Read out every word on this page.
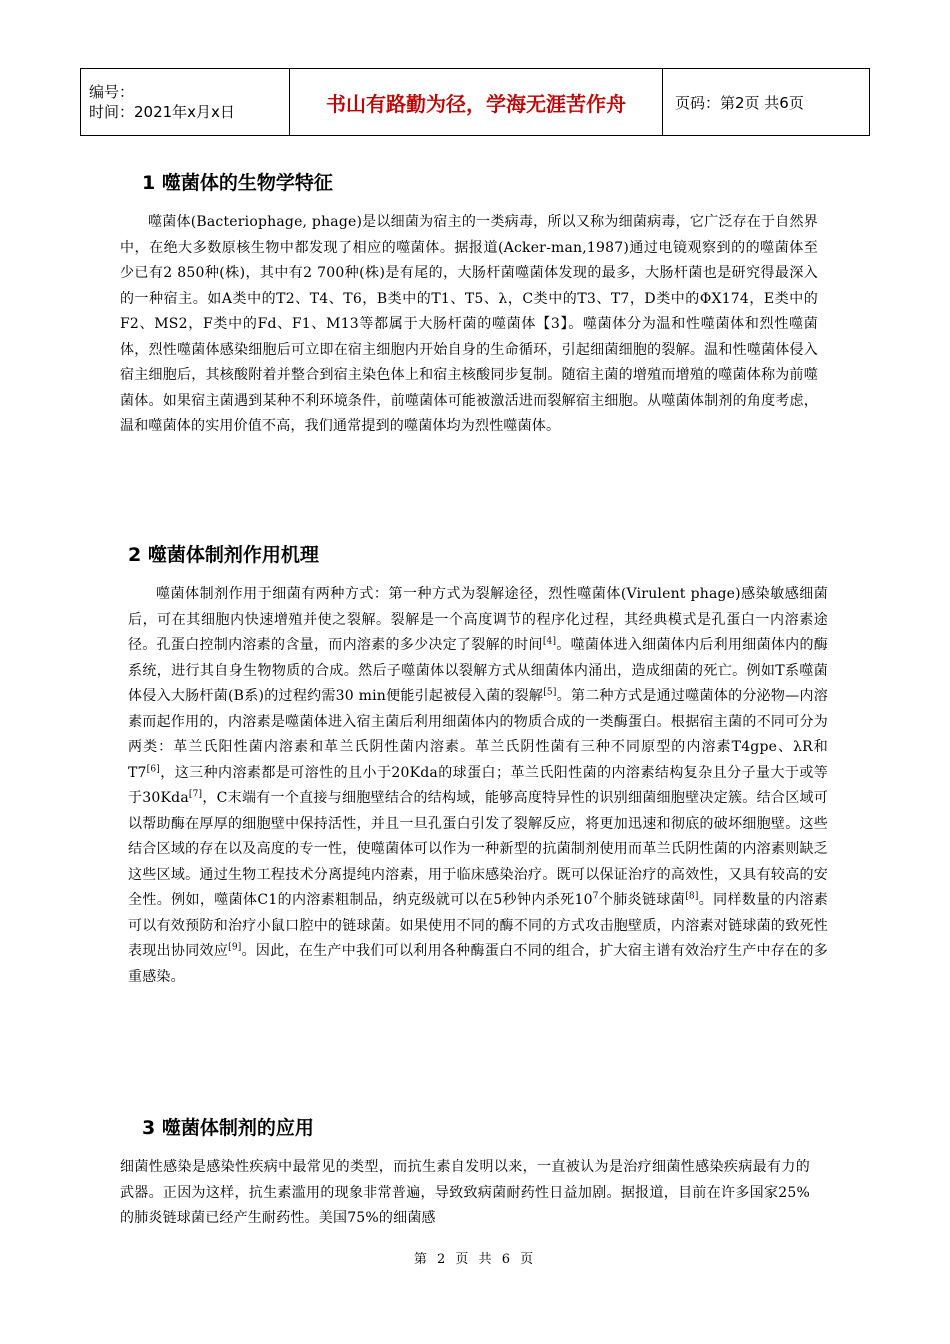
编号：
时间：2021年x月x日	书山有路勤为径，学海无涯苦作舟	页码：第2页 共6页
1 噬菌体的生物学特征

噬菌体(Bacteriophage, phage)是以细菌为宿主的一类病毒，所以又称为细菌病毒，它广泛存在于自然界中，在绝大多数原核生物中都发现了相应的噬菌体。据报道(Acker-man,1987)通过电镜观察到的的噬菌体至少已有2 850种(株)，其中有2 700种(株)是有尾的，大肠杆菌噬菌体发现的最多，大肠杆菌也是研究得最深入的一种宿主。如A类中的T2、T4、T6，B类中的T1、T5、λ，C类中的T3、T7，D类中的ΦX174，E类中的F2、MS2，F类中的Fd、F1、M13等都属于大肠杆菌的噬菌体【3】。噬菌体分为温和性噬菌体和烈性噬菌体，烈性噬菌体感染细胞后可立即在宿主细胞内开始自身的生命循环，引起细菌细胞的裂解。温和性噬菌体侵入宿主细胞后，其核酸附着并整合到宿主染色体上和宿主核酸同步复制。随宿主菌的增殖而增殖的噬菌体称为前噬菌体。如果宿主菌遇到某种不利环境条件，前噬菌体可能被激活进而裂解宿主细胞。从噬菌体制剂的角度考虑，温和噬菌体的实用价值不高，我们通常提到的噬菌体均为烈性噬菌体。

2 噬菌体制剂作用机理

噬菌体制剂作用于细菌有两种方式：第一种方式为裂解途径，烈性噬菌体(Virulent phage)感染敏感细菌后，可在其细胞内快速增殖并使之裂解。裂解是一个高度调节的程序化过程，其经典模式是孔蛋白一内溶素途径。孔蛋白控制内溶素的含量，而内溶素的多少决定了裂解的时间[4]。噬菌体进入细菌体内后利用细菌体内的酶系统，进行其自身生物物质的合成。然后子噬菌体以裂解方式从细菌体内涌出，造成细菌的死亡。例如T系噬菌体侵入大肠杆菌(B系)的过程约需30 min便能引起被侵入菌的裂解[5]。第二种方式是通过噬菌体的分泌物—内溶素而起作用的，内溶素是噬菌体进入宿主菌后利用细菌体内的物质合成的一类酶蛋白。根据宿主菌的不同可分为两类：革兰氏阳性菌内溶素和革兰氏阴性菌内溶素。革兰氏阴性菌有三种不同原型的内溶素T4gpe、λR和T7[6]，这三种内溶素都是可溶性的且小于20Kda的球蛋白；革兰氏阳性菌的内溶素结构复杂且分子量大于或等于30Kda[7]，C末端有一个直接与细胞壁结合的结构域，能够高度特异性的识别细菌细胞壁决定簇。结合区域可以帮助酶在厚厚的细胞壁中保持活性，并且一旦孔蛋白引发了裂解反应，将更加迅速和彻底的破坏细胞壁。这些结合区域的存在以及高度的专一性，使噬菌体可以作为一种新型的抗菌制剂使用而革兰氏阴性菌的内溶素则缺乏这些区域。通过生物工程技术分离提纯内溶素，用于临床感染治疗。既可以保证治疗的高效性，又具有较高的安全性。例如，噬菌体C1的内溶素粗制品，纳克级就可以在5秒钟内杀死$10^7$个肺炎链球菌[8]。同样数量的内溶素可以有效预防和治疗小鼠口腔中的链球菌。如果使用不同的酶不同的方式攻击胞壁质，内溶素对链球菌的致死性表现出协同效应[9]。因此，在生产中我们可以利用各种酶蛋白不同的组合，扩大宿主谱有效治疗生产中存在的多重感染。

3 噬菌体制剂的应用

细菌性感染是感染性疾病中最常见的类型，而抗生素自发明以来，一直被认为是治疗细菌性感染疾病最有力的武器。正因为这样，抗生素滥用的现象非常普遍，导致致病菌耐药性日益加剧。据报道，目前在许多国家25%的肺炎链球菌已经产生耐药性。美国75%的细菌感

第 2 页 共 6 页
